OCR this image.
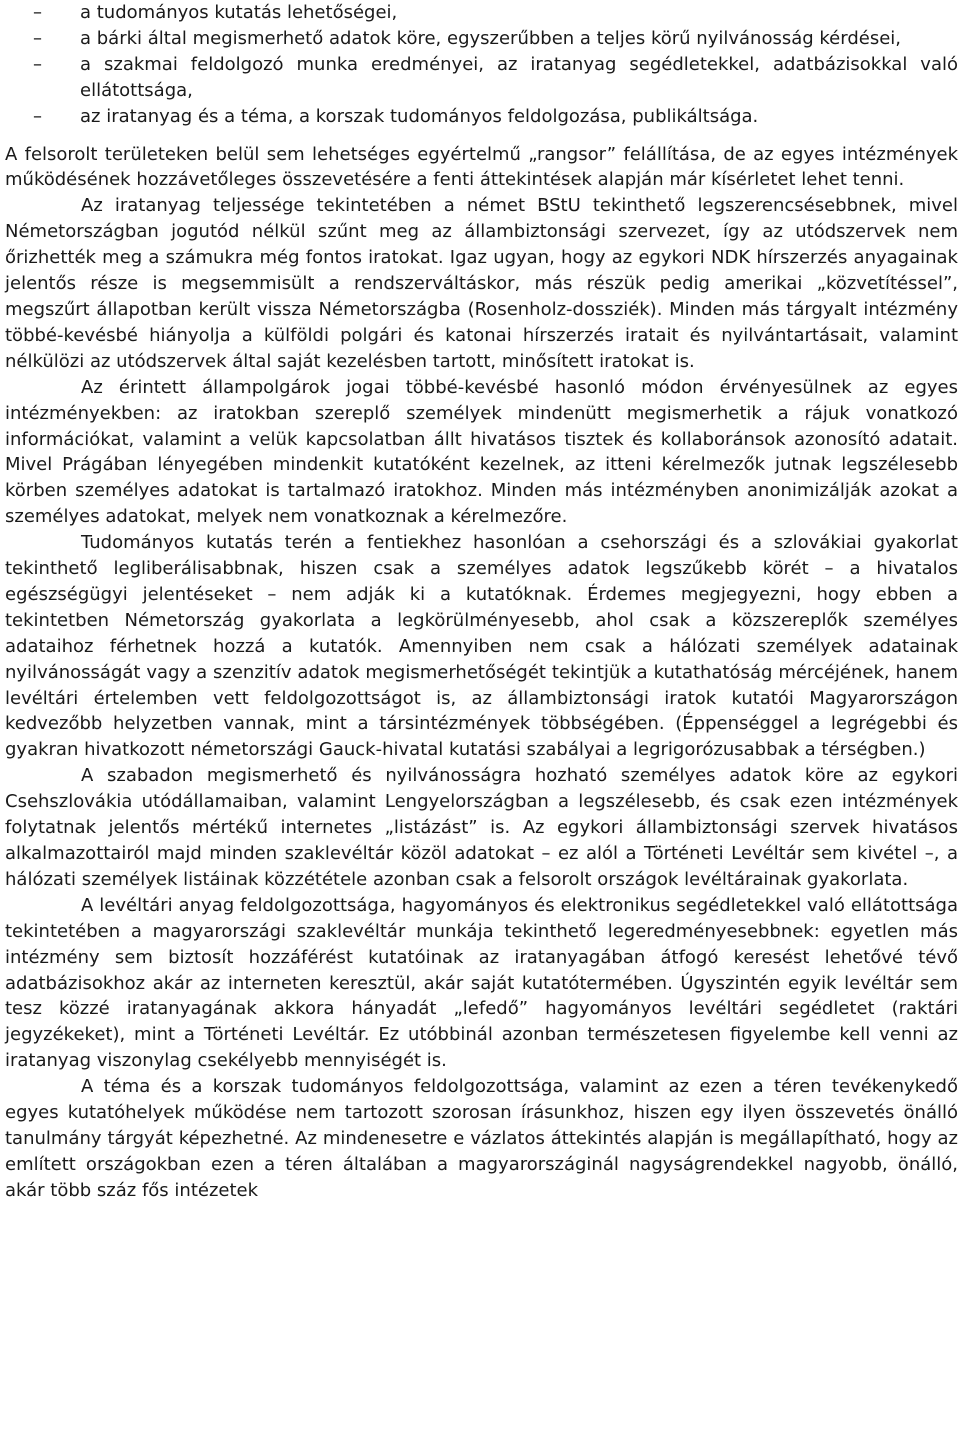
– a tudományos kutatás lehetőségei,
– a bárki által megismerhető adatok köre, egyszerűbben a teljes körű nyilvánosság kérdései,
– a szakmai feldolgozó munka eredményei, az iratanyag segédletekkel, adatbázisokkal való ellátottsága,
– az iratanyag és a téma, a korszak tudományos feldolgozása, publikáltsága.

A felsorolt területeken belül sem lehetséges egyértelmű „rangsor” felállítása, de az egyes intézmények működésének hozzávetőleges összevetésére a fenti áttekintések alapján már kísérletet lehet tenni.

Az iratanyag teljessége tekintetében a német BStU tekinthető legszerencsésebbnek, mivel Németországban jogutód nélkül szűnt meg az állambiztonsági szervezet, így az utódszervek nem őrizhették meg a számukra még fontos iratokat. Igaz ugyan, hogy az egykori NDK hírszerzés anyagainak jelentős része is megsemmisült a rendszerváltáskor, más részük pedig amerikai „közvetítéssel”, megszűrt állapotban került vissza Németországba (Rosenholz-dossziék). Minden más tárgyalt intézmény többé-kevésbé hiányolja a külföldi polgári és katonai hírszerzés iratait és nyilvántartásait, valamint nélkülözi az utódszervek által saját kezelésben tartott, minősített iratokat is.

Az érintett állampolgárok jogai többé-kevésbé hasonló módon érvényesülnek az egyes intézményekben: az iratokban szereplő személyek mindenütt megismerhetik a rájuk vonatkozó információkat, valamint a velük kapcsolatban állt hivatásos tisztek és kollaboránsok azonosító adatait. Mivel Prágában lényegében mindenkit kutatóként kezelnek, az itteni kérelmezők jutnak legszélesebb körben személyes adatokat is tartalmazó iratokhoz. Minden más intézményben anonimizálják azokat a személyes adatokat, melyek nem vonatkoznak a kérelmezőre.

Tudományos kutatás terén a fentiekhez hasonlóan a csehországi és a szlovákiai gyakorlat tekinthető legliberálisabbnak, hiszen csak a személyes adatok legszűkebb körét – a hivatalos egészségügyi jelentéseket – nem adják ki a kutatóknak. Érdemes megjegyezni, hogy ebben a tekintetben Németország gyakorlata a legkörülményesebb, ahol csak a közszereplők személyes adataihoz férhetnek hozzá a kutatók. Amennyiben nem csak a hálózati személyek adatainak nyilvánosságát vagy a szenzitív adatok megismerhetőségét tekintjük a kutathatóság mércéjének, hanem levéltári értelemben vett feldolgozottságot is, az állambiztonsági iratok kutatói Magyarországon kedvezőbb helyzetben vannak, mint a társintézmények többségében. (Éppenséggel a legrégebbi és gyakran hivatkozott németországi Gauck-hivatal kutatási szabályai a legrigorózusabbak a térségben.)

A szabadon megismerhető és nyilvánosságra hozható személyes adatok köre az egykori Csehszlovákia utódállamaiban, valamint Lengyelországban a legszélesebb, és csak ezen intézmények folytatnak jelentős mértékű internetes „listázást” is. Az egykori állambiztonsági szervek hivatásos alkalmazottairól majd minden szaklevéltár közöl adatokat – ez alól a Történeti Levéltár sem kivétel –, a hálózati személyek listáinak közzététele azonban csak a felsorolt országok levéltárainak gyakorlata.

A levéltári anyag feldolgozottsága, hagyományos és elektronikus segédletekkel való ellátottsága tekintetében a magyarországi szaklevéltár munkája tekinthető legeredményesebbnek: egyetlen más intézmény sem biztosít hozzáférést kutatóinak az iratanyagában átfogó keresést lehetővé tévő adatbázisokhoz akár az interneten keresztül, akár saját kutatótermében. Úgyszintén egyik levéltár sem tesz közzé iratanyagának akkora hányadát „lefedő” hagyományos levéltári segédletet (raktári jegyzékeket), mint a Történeti Levéltár. Ez utóbbinál azonban természetesen figyelembe kell venni az iratanyag viszonylag csekélyebb mennyiségét is.

A téma és a korszak tudományos feldolgozottsága, valamint az ezen a téren tevékenykedő egyes kutatóhelyek működése nem tartozott szorosan írásunkhoz, hiszen egy ilyen összevetés önálló tanulmány tárgyát képezhetné. Az mindenesetre e vázlatos áttekintés alapján is megállapítható, hogy az említett országokban ezen a téren általában a magyarországinál nagyságrendekkel nagyobb, önálló, akár több száz fős intézetek
